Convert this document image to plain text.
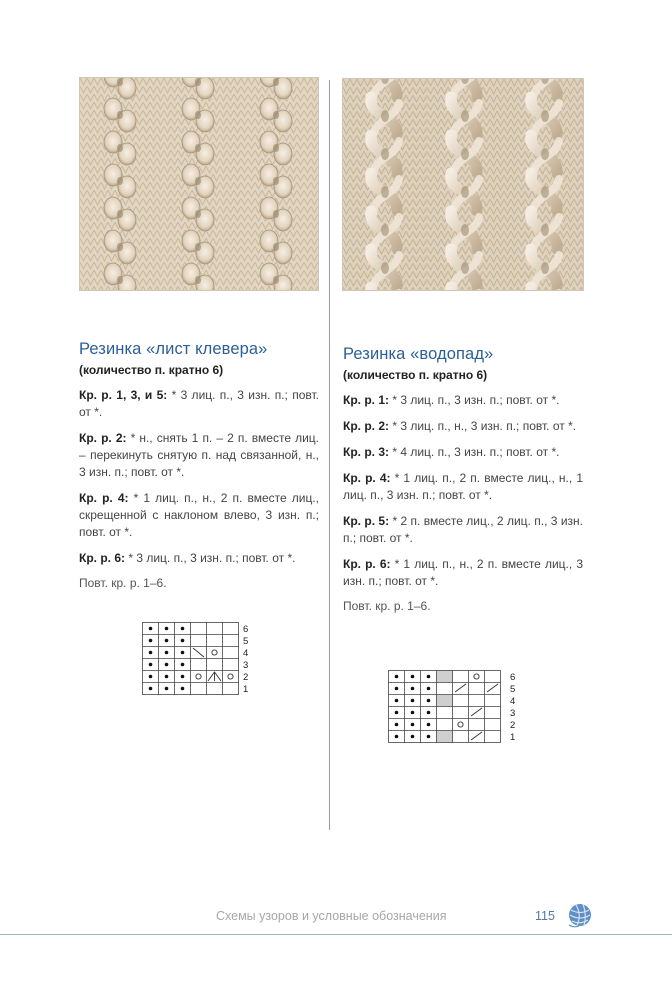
Резинка «лист клевера»
(количество п. кратно 6)

Кр. р. 1, 3, и 5: * 3 лиц. п., 3 изн. п.; повт. от *.

Кр. р. 2: * н., снять 1 п. – 2 п. вместе лиц. – перекинуть снятую п. над связанной, н., 3 изн. п.; повт. от *.

Кр. р. 4: * 1 лиц. п., н., 2 п. вместе лиц., скрещенной с наклоном влево, 3 изн. п.; повт. от *.

Кр. р. 6: * 3 лиц. п., 3 изн. п.; повт. от *.

Повт. кр. р. 1–6.
Резинка «водопад»
(количество п. кратно 6)

Кр. р. 1: * 3 лиц. п., 3 изн. п.; повт. от *.

Кр. р. 2: * 3 лиц. п., н., 3 изн. п.; повт. от *.

Кр. р. 3: * 4 лиц. п., 3 изн. п.; повт. от *.

Кр. р. 4: * 1 лиц. п., 2 п. вместе лиц., н., 1 лиц. п., 3 изн. п.; повт. от *.

Кр. р. 5: * 2 п. вместе лиц., 2 лиц. п., 3 изн. п.; повт. от *.

Кр. р. 6: * 1 лиц. п., н., 2 п. вместе лиц., 3 изн. п.; повт. от *.

Повт. кр. р. 1–6.
6
5
4
3
2
1
6
5
4
3
2
1
Схемы узоров и условные обозначения	115
